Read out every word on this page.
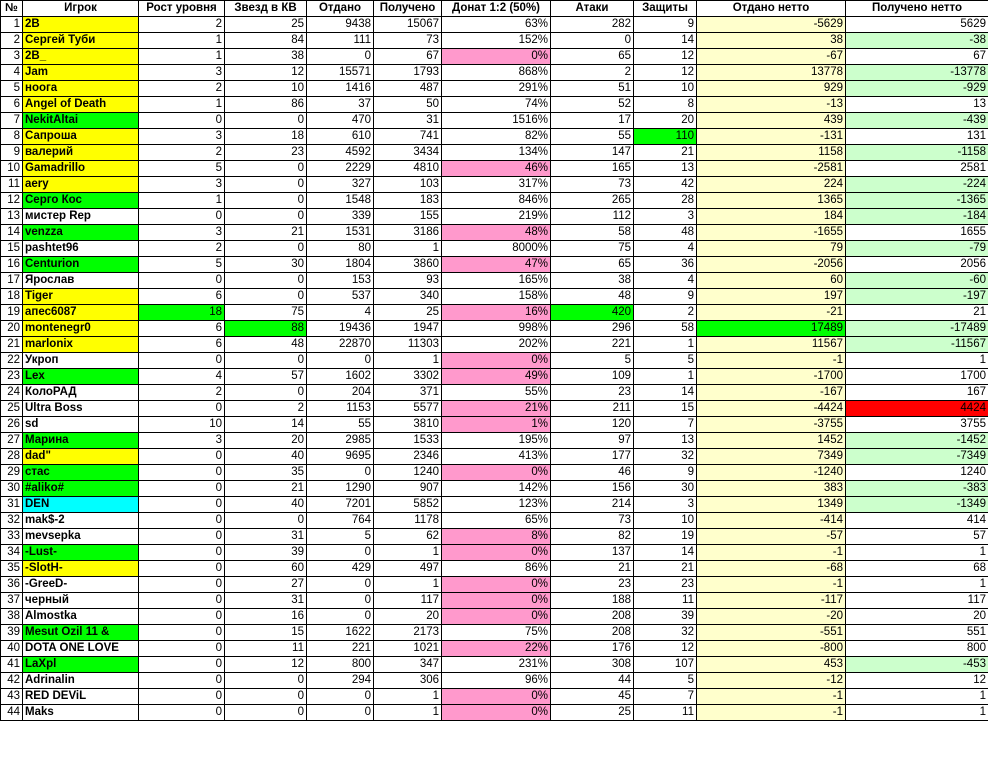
№	Игрок	Рост уровня	Звезд в КВ	Отдано	Получено	Донат 1:2 (50%)	Атаки	Защиты	Отдано нетто	Получено нетто
1	2B	2	25	9438	15067	63%	282	9	-5629	5629
2	Сергей Туби	1	84	111	73	152%	0	14	38	-38
3	2B_	1	38	0	67	0%	65	12	-67	67
4	Jam	3	12	15571	1793	868%	2	12	13778	-13778
5	ноога	2	10	1416	487	291%	51	10	929	-929
6	Angel of Death	1	86	37	50	74%	52	8	-13	13
7	NekitAltai	0	0	470	31	1516%	17	20	439	-439
8	Сапроша	3	18	610	741	82%	55	110	-131	131
9	валерий	2	23	4592	3434	134%	147	21	1158	-1158
10	Gamadrillo	5	0	2229	4810	46%	165	13	-2581	2581
11	aery	3	0	327	103	317%	73	42	224	-224
12	Серго Кос	1	0	1548	183	846%	265	28	1365	-1365
13	мистер Rep	0	0	339	155	219%	112	3	184	-184
14	venzza	3	21	1531	3186	48%	58	48	-1655	1655
15	pashtet96	2	0	80	1	8000%	75	4	79	-79
16	Centurion	5	30	1804	3860	47%	65	36	-2056	2056
17	Ярослав	0	0	153	93	165%	38	4	60	-60
18	Tiger	6	0	537	340	158%	48	9	197	-197
19	апес6087	18	75	4	25	16%	420	2	-21	21
20	montenegr0	6	88	19436	1947	998%	296	58	17489	-17489
21	marlonix	6	48	22870	11303	202%	221	1	11567	-11567
22	Укроп	0	0	0	1	0%	5	5	-1	1
23	Lex	4	57	1602	3302	49%	109	1	-1700	1700
24	КолоРАД	2	0	204	371	55%	23	14	-167	167
25	Ultra Boss	0	2	1153	5577	21%	211	15	-4424	4424
26	sd	10	14	55	3810	1%	120	7	-3755	3755
27	Марина	3	20	2985	1533	195%	97	13	1452	-1452
28	dad"	0	40	9695	2346	413%	177	32	7349	-7349
29	стас	0	35	0	1240	0%	46	9	-1240	1240
30	#aliko#	0	21	1290	907	142%	156	30	383	-383
31	DEN	0	40	7201	5852	123%	214	3	1349	-1349
32	mak$-2	0	0	764	1178	65%	73	10	-414	414
33	mevsepka	0	31	5	62	8%	82	19	-57	57
34	-Lust-	0	39	0	1	0%	137	14	-1	1
35	-SlotH-	0	60	429	497	86%	21	21	-68	68
36	-GreeD-	0	27	0	1	0%	23	23	-1	1
37	черный	0	31	0	117	0%	188	11	-117	117
38	Almostka	0	16	0	20	0%	208	39	-20	20
39	Mesut Ozil 11 &	0	15	1622	2173	75%	208	32	-551	551
40	DOTA ONE LOVE	0	11	221	1021	22%	176	12	-800	800
41	LaXpl	0	12	800	347	231%	308	107	453	-453
42	Adrinalin	0	0	294	306	96%	44	5	-12	12
43	RED DEViL	0	0	0	1	0%	45	7	-1	1
44	Maks	0	0	0	1	0%	25	11	-1	1
